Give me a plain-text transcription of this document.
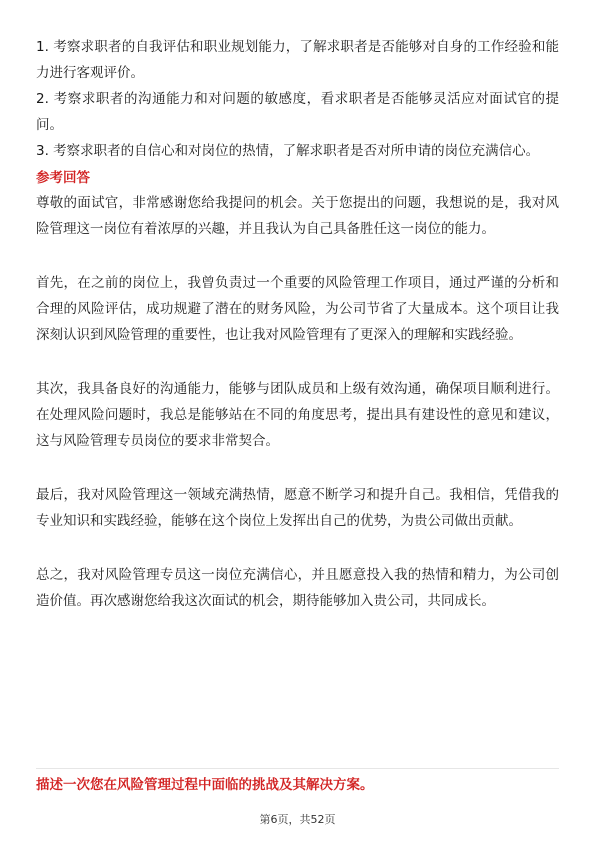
1. 考察求职者的自我评估和职业规划能力，了解求职者是否能够对自身的工作经验和能力进行客观评价。

2. 考察求职者的沟通能力和对问题的敏感度，看求职者是否能够灵活应对面试官的提问。

3. 考察求职者的自信心和对岗位的热情，了解求职者是否对所申请的岗位充满信心。

参考回答

尊敬的面试官，非常感谢您给我提问的机会。关于您提出的问题，我想说的是，我对风险管理这一岗位有着浓厚的兴趣，并且我认为自己具备胜任这一岗位的能力。

首先，在之前的岗位上，我曾负责过一个重要的风险管理工作项目，通过严谨的分析和合理的风险评估，成功规避了潜在的财务风险，为公司节省了大量成本。这个项目让我深刻认识到风险管理的重要性，也让我对风险管理有了更深入的理解和实践经验。

其次，我具备良好的沟通能力，能够与团队成员和上级有效沟通，确保项目顺利进行。在处理风险问题时，我总是能够站在不同的角度思考，提出具有建设性的意见和建议，这与风险管理专员岗位的要求非常契合。

最后，我对风险管理这一领域充满热情，愿意不断学习和提升自己。我相信，凭借我的专业知识和实践经验，能够在这个岗位上发挥出自己的优势，为贵公司做出贡献。

总之，我对风险管理专员这一岗位充满信心，并且愿意投入我的热情和精力，为公司创造价值。再次感谢您给我这次面试的机会，期待能够加入贵公司，共同成长。

描述一次您在风险管理过程中面临的挑战及其解决方案。
第6页，共52页
